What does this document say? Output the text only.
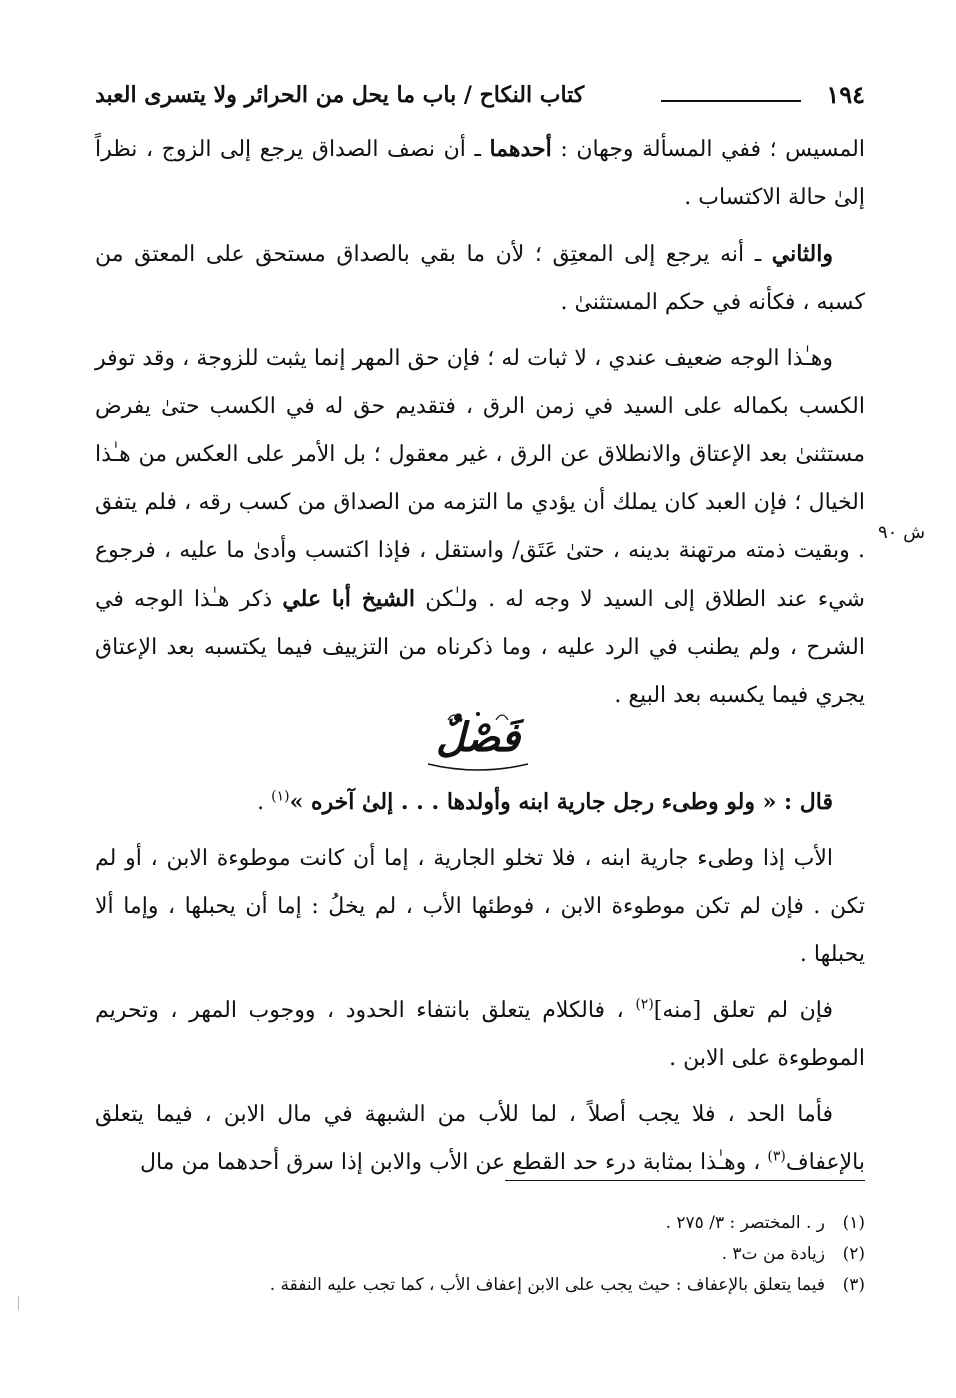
١٩٤
كتاب النكاح / باب ما يحل من الحرائر ولا يتسرى العبد

المسيس ؛ ففي المسألة وجهان : أحدهما ـ أن نصف الصداق يرجع إلى الزوج ، نظراً إلىٰ حالة الاكتساب .

والثاني ـ أنه يرجع إلى المعتِق ؛ لأن ما بقي بالصداق مستحق على المعتق من كسبه ، فكأنه في حكم المستثنىٰ .

وهـٰذا الوجه ضعيف عندي ، لا ثبات له ؛ فإن حق المهر إنما يثبت للزوجة ، وقد توفر الكسب بكماله على السيد في زمن الرق ، فتقديم حق له في الكسب حتىٰ يفرض مستثنىٰ بعد الإعتاق والانطلاق عن الرق ، غير معقول ؛ بل الأمر على العكس من هـٰذا الخيال ؛ فإن العبد كان يملك أن يؤدي ما التزمه من الصداق من كسب رقه ، فلم يتفق . وبقيت ذمته مرتهنة بدينه ، حتىٰ عَتَق/ واستقل ، فإذا اكتسب وأدىٰ ما عليه ، فرجوع شيء عند الطلاق إلى السيد لا وجه له . ولـٰكن الشيخ أبا علي ذكر هـٰذا الوجه في الشرح ، ولم يطنب في الرد عليه ، وما ذكرناه من التزييف فيما يكتسبه بعد الإعتاق يجري فيما يكسبه بعد البيع .

ش ٩٠
فَصْلٌ

قال : « ولو وطىء رجل جارية ابنه وأولدها . . . إلىٰ آخره »$^{(١)}$ .

الأب إذا وطىء جارية ابنه ، فلا تخلو الجارية ، إما أن كانت موطوءة الابن ، أو لم تكن . فإن لم تكن موطوءة الابن ، فوطئها الأب ، لم يخلُ : إما أن يحبلها ، وإما ألا يحبلها .

فإن لم تعلق [منه]$^{(٢)}$ ، فالكلام يتعلق بانتفاء الحدود ، ووجوب المهر ، وتحريم الموطوءة على الابن .

فأما الحد ، فلا يجب أصلاً ، لما للأب من الشبهة في مال الابن ، فيما يتعلق بالإعفاف$^{(٣)}$ ، وهـٰذا بمثابة درء حد القطع عن الأب والابن إذا سرق أحدهما من مال

(١)ر . المختصر : ٣/ ٢٧٥ .
(٢)زيادة من ت٣ .
(٣)فيما يتعلق بالإعفاف : حيث يجب على الابن إعفاف الأب ، كما تجب عليه النفقة .
